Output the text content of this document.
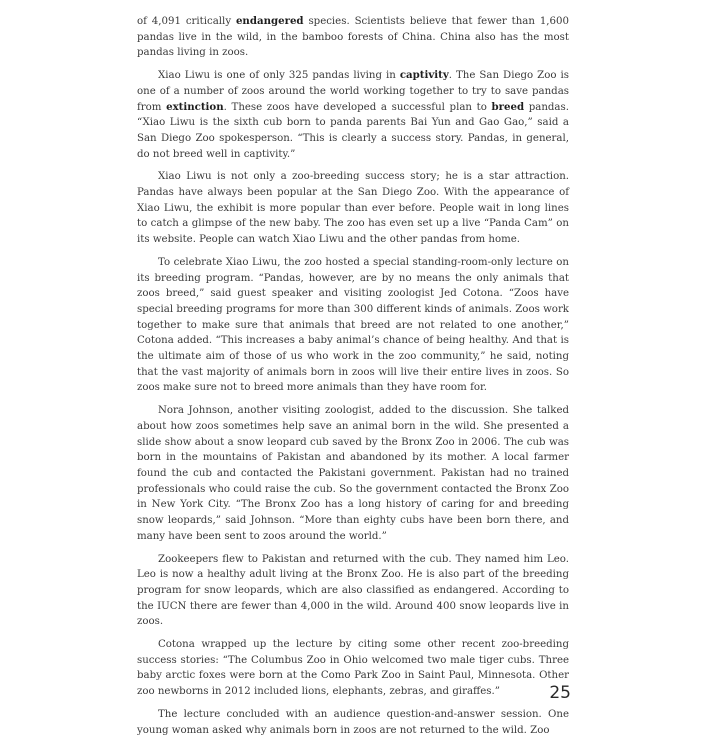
of 4,091 critically endangered species. Scientists believe that fewer than 1,600 pandas live in the wild, in the bamboo forests of China. China also has the most pandas living in zoos.

Xiao Liwu is one of only 325 pandas living in captivity. The San Diego Zoo is one of a number of zoos around the world working together to try to save pandas from extinction. These zoos have developed a successful plan to breed pandas. “Xiao Liwu is the sixth cub born to panda parents Bai Yun and Gao Gao,” said a San Diego Zoo spokesperson. “This is clearly a success story. Pandas, in general, do not breed well in captivity.”

Xiao Liwu is not only a zoo-breeding success story; he is a star attraction. Pandas have always been popular at the San Diego Zoo. With the appearance of Xiao Liwu, the exhibit is more popular than ever before. People wait in long lines to catch a glimpse of the new baby. The zoo has even set up a live “Panda Cam” on its website. People can watch Xiao Liwu and the other pandas from home.

To celebrate Xiao Liwu, the zoo hosted a special standing-room-only lecture on its breeding program. “Pandas, however, are by no means the only animals that zoos breed,” said guest speaker and visiting zoologist Jed Cotona. “Zoos have special breeding programs for more than 300 different kinds of animals. Zoos work together to make sure that animals that breed are not related to one another,” Cotona added. “This increases a baby animal’s chance of being healthy. And that is the ultimate aim of those of us who work in the zoo community,” he said, noting that the vast majority of animals born in zoos will live their entire lives in zoos. So zoos make sure not to breed more animals than they have room for.

Nora Johnson, another visiting zoologist, added to the discussion. She talked about how zoos sometimes help save an animal born in the wild. She presented a slide show about a snow leopard cub saved by the Bronx Zoo in 2006. The cub was born in the mountains of Pakistan and abandoned by its mother. A local farmer found the cub and contacted the Pakistani government. Pakistan had no trained professionals who could raise the cub. So the government contacted the Bronx Zoo in New York City. “The Bronx Zoo has a long history of caring for and breeding snow leopards,” said Johnson. “More than eighty cubs have been born there, and many have been sent to zoos around the world.”

Zookeepers flew to Pakistan and returned with the cub. They named him Leo. Leo is now a healthy adult living at the Bronx Zoo. He is also part of the breeding program for snow leopards, which are also classified as endangered. According to the IUCN there are fewer than 4,000 in the wild. Around 400 snow leopards live in zoos.

Cotona wrapped up the lecture by citing some other recent zoo-breeding success stories: “The Columbus Zoo in Ohio welcomed two male tiger cubs. Three baby arctic foxes were born at the Como Park Zoo in Saint Paul, Minnesota. Other zoo newborns in 2012 included lions, elephants, zebras, and giraffes.”

The lecture concluded with an audience question-and-answer session. One young woman asked why animals born in zoos are not returned to the wild. Zoo

25
